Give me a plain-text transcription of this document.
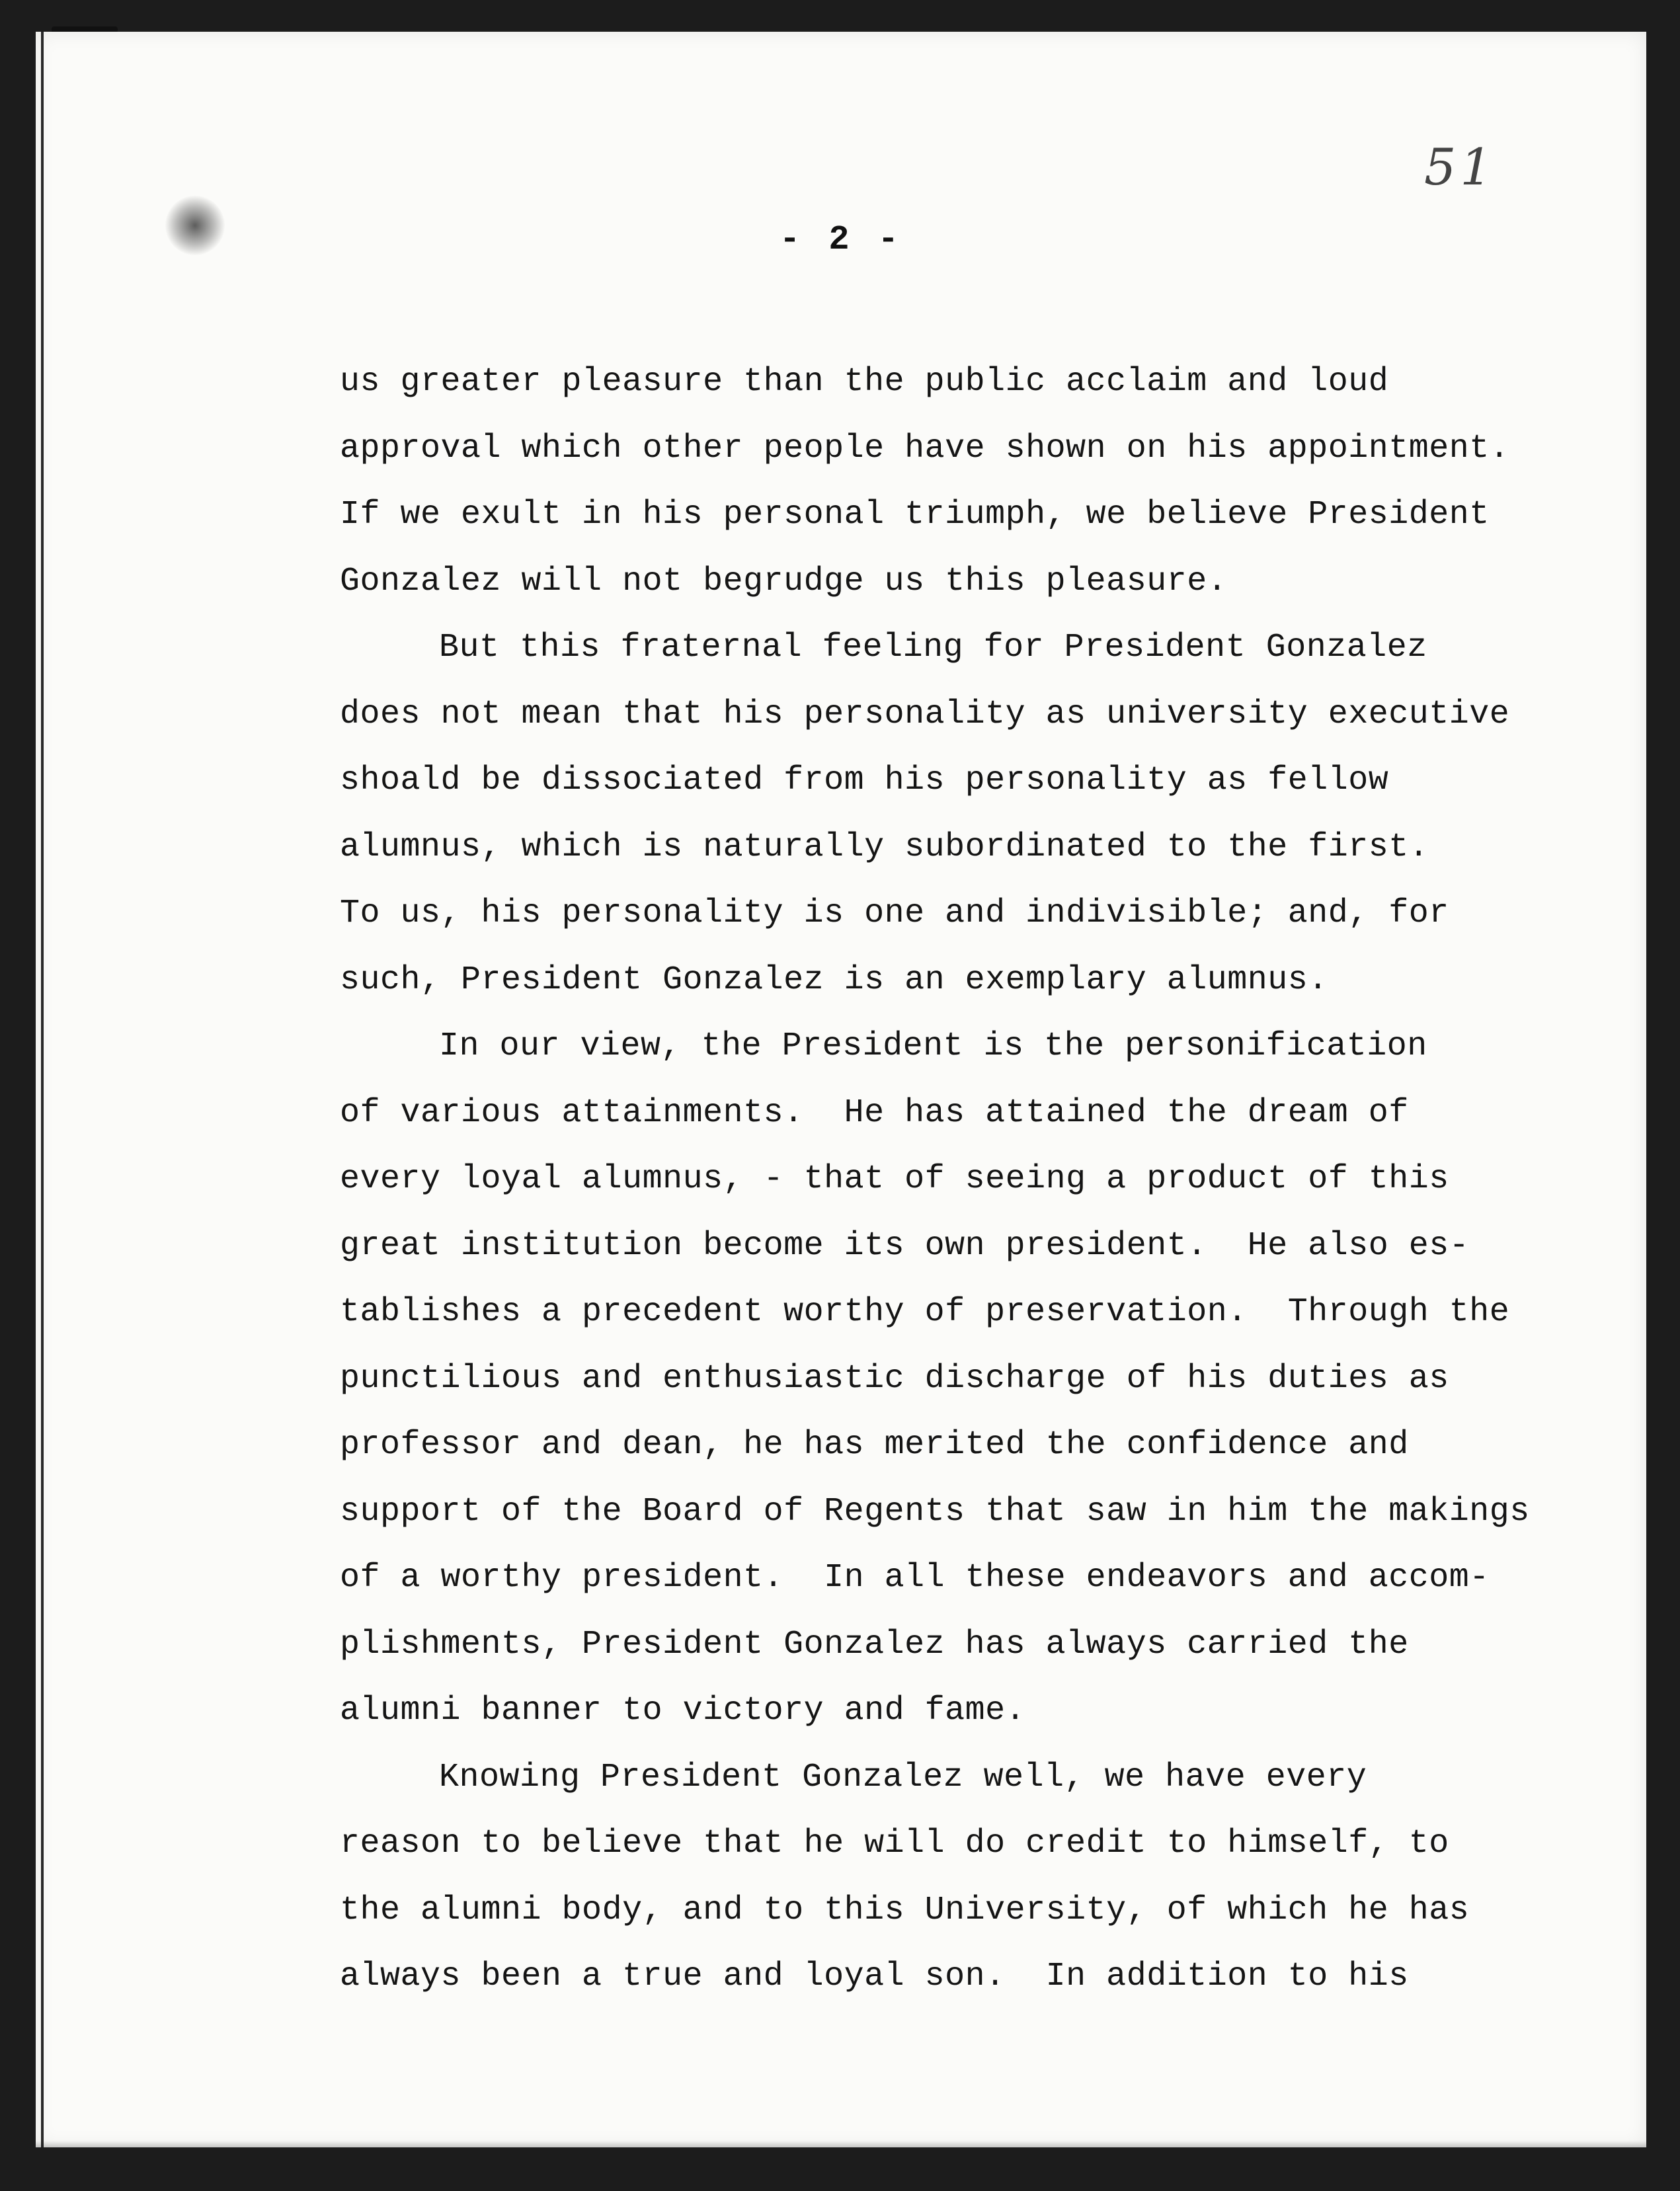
51
- 2 -
us greater pleasure than the public acclaim and loud
approval which other people have shown on his appointment.
If we exult in his personal triumph, we believe President
Gonzalez will not begrudge us this pleasure.
But this fraternal feeling for President Gonzalez
does not mean that his personality as university executive
shoald be dissociated from his personality as fellow
alumnus, which is naturally subordinated to the first.
To us, his personality is one and indivisible; and, for
such, President Gonzalez is an exemplary alumnus.
In our view, the President is the personification
of various attainments.  He has attained the dream of
every loyal alumnus, - that of seeing a product of this
great institution become its own president.  He also es-
tablishes a precedent worthy of preservation.  Through the
punctilious and enthusiastic discharge of his duties as
professor and dean, he has merited the confidence and
support of the Board of Regents that saw in him the makings
of a worthy president.  In all these endeavors and accom-
plishments, President Gonzalez has always carried the
alumni banner to victory and fame.
Knowing President Gonzalez well, we have every
reason to believe that he will do credit to himself, to
the alumni body, and to this University, of which he has
always been a true and loyal son.  In addition to his
